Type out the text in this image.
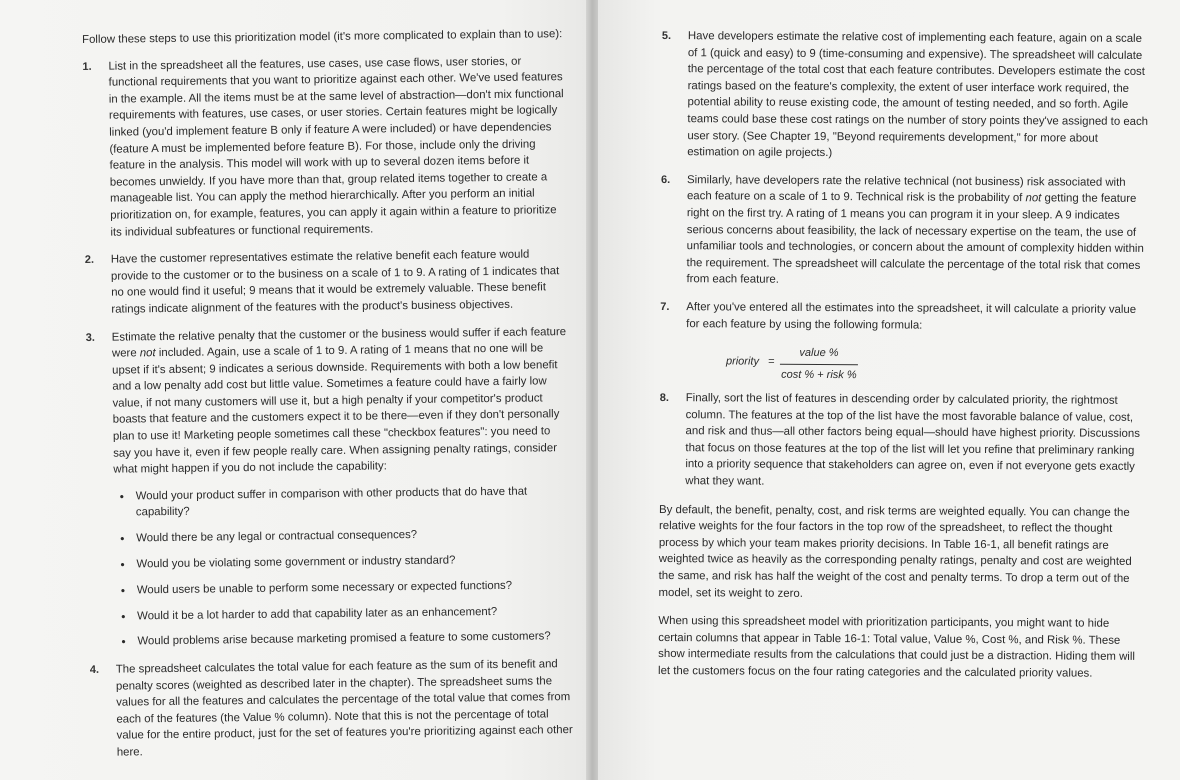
Follow these steps to use this prioritization model (it's more complicated to explain than to use):

1. List in the spreadsheet all the features, use cases, use case flows, user stories, or functional requirements that you want to prioritize against each other. We've used features in the example. All the items must be at the same level of abstraction—don't mix functional requirements with features, use cases, or user stories. Certain features might be logically linked (you'd implement feature B only if feature A were included) or have dependencies (feature A must be implemented before feature B). For those, include only the driving feature in the analysis. This model will work with up to several dozen items before it becomes unwieldy. If you have more than that, group related items together to create a manageable list. You can apply the method hierarchically. After you perform an initial prioritization on, for example, features, you can apply it again within a feature to prioritize its individual subfeatures or functional requirements.
2. Have the customer representatives estimate the relative benefit each feature would provide to the customer or to the business on a scale of 1 to 9. A rating of 1 indicates that no one would find it useful; 9 means that it would be extremely valuable. These benefit ratings indicate alignment of the features with the product's business objectives.
3. Estimate the relative penalty that the customer or the business would suffer if each feature were not included. Again, use a scale of 1 to 9. A rating of 1 means that no one will be upset if it's absent; 9 indicates a serious downside. Requirements with both a low benefit and a low penalty add cost but little value. Sometimes a feature could have a fairly low value, if not many customers will use it, but a high penalty if your competitor's product boasts that feature and the customers expect it to be there—even if they don't personally plan to use it! Marketing people sometimes call these "checkbox features": you need to say you have it, even if few people really care. When assigning penalty ratings, consider what might happen if you do not include the capability:
• Would your product suffer in comparison with other products that do have that capability?
• Would there be any legal or contractual consequences?
• Would you be violating some government or industry standard?
• Would users be unable to perform some necessary or expected functions?
• Would it be a lot harder to add that capability later as an enhancement?
• Would problems arise because marketing promised a feature to some customers?
4. The spreadsheet calculates the total value for each feature as the sum of its benefit and penalty scores (weighted as described later in the chapter). The spreadsheet sums the values for all the features and calculates the percentage of the total value that comes from each of the features (the Value % column). Note that this is not the percentage of total value for the entire product, just for the set of features you're prioritizing against each other here.
5. Have developers estimate the relative cost of implementing each feature, again on a scale of 1 (quick and easy) to 9 (time-consuming and expensive). The spreadsheet will calculate the percentage of the total cost that each feature contributes. Developers estimate the cost ratings based on the feature's complexity, the extent of user interface work required, the potential ability to reuse existing code, the amount of testing needed, and so forth. Agile teams could base these cost ratings on the number of story points they've assigned to each user story. (See Chapter 19, "Beyond requirements development," for more about estimation on agile projects.)
6. Similarly, have developers rate the relative technical (not business) risk associated with each feature on a scale of 1 to 9. Technical risk is the probability of not getting the feature right on the first try. A rating of 1 means you can program it in your sleep. A 9 indicates serious concerns about feasibility, the lack of necessary expertise on the team, the use of unfamiliar tools and technologies, or concern about the amount of complexity hidden within the requirement. The spreadsheet will calculate the percentage of the total risk that comes from each feature.
7. After you've entered all the estimates into the spreadsheet, it will calculate a priority value for each feature by using the following formula:
priority =
value %
cost % + risk %
8. Finally, sort the list of features in descending order by calculated priority, the rightmost column. The features at the top of the list have the most favorable balance of value, cost, and risk and thus—all other factors being equal—should have highest priority. Discussions that focus on those features at the top of the list will let you refine that preliminary ranking into a priority sequence that stakeholders can agree on, even if not everyone gets exactly what they want.

By default, the benefit, penalty, cost, and risk terms are weighted equally. You can change the relative weights for the four factors in the top row of the spreadsheet, to reflect the thought process by which your team makes priority decisions. In Table 16-1, all benefit ratings are weighted twice as heavily as the corresponding penalty ratings, penalty and cost are weighted the same, and risk has half the weight of the cost and penalty terms. To drop a term out of the model, set its weight to zero.

When using this spreadsheet model with prioritization participants, you might want to hide certain columns that appear in Table 16-1: Total value, Value %, Cost %, and Risk %. These show intermediate results from the calculations that could just be a distraction. Hiding them will let the customers focus on the four rating categories and the calculated priority values.
